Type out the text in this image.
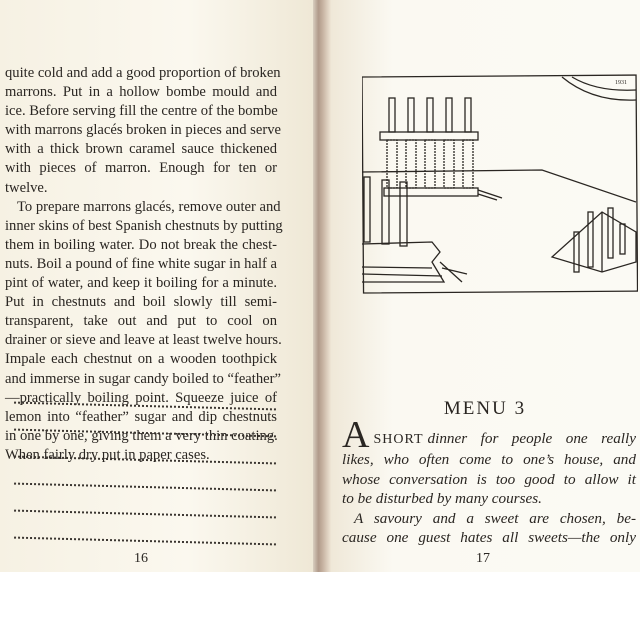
quite cold and add a good proportion of broken
marrons. Put in a hollow bombe mould and
ice. Before serving fill the centre of the bombe
with marrons glacés broken in pieces and serve
with a thick brown caramel sauce thickened
with pieces of marron. Enough for ten or
twelve.
To prepare marrons glacés, remove outer and
inner skins of best Spanish chestnuts by putting
them in boiling water. Do not break the chest-
nuts. Boil a pound of fine white sugar in half a
pint of water, and keep it boiling for a minute.
Put in chestnuts and boil slowly till semi-
transparent, take out and put to cool on
drainer or sieve and leave at least twelve hours.
Impale each chestnut on a wooden toothpick
and immerse in sugar candy boiled to “feather”
—practically boiling point. Squeeze juice of
lemon into “feather” sugar and dip chestnuts
in one by one, giving them a very thin coating.
When fairly dry put in paper cases.
16
1931
MENU 3
ASHORT dinner for people one really
likes, who often come to one’s house, and
whose conversation is too good to allow it
to be disturbed by many courses.
A savoury and a sweet are chosen, be-
cause one guest hates all sweets—the only
17
